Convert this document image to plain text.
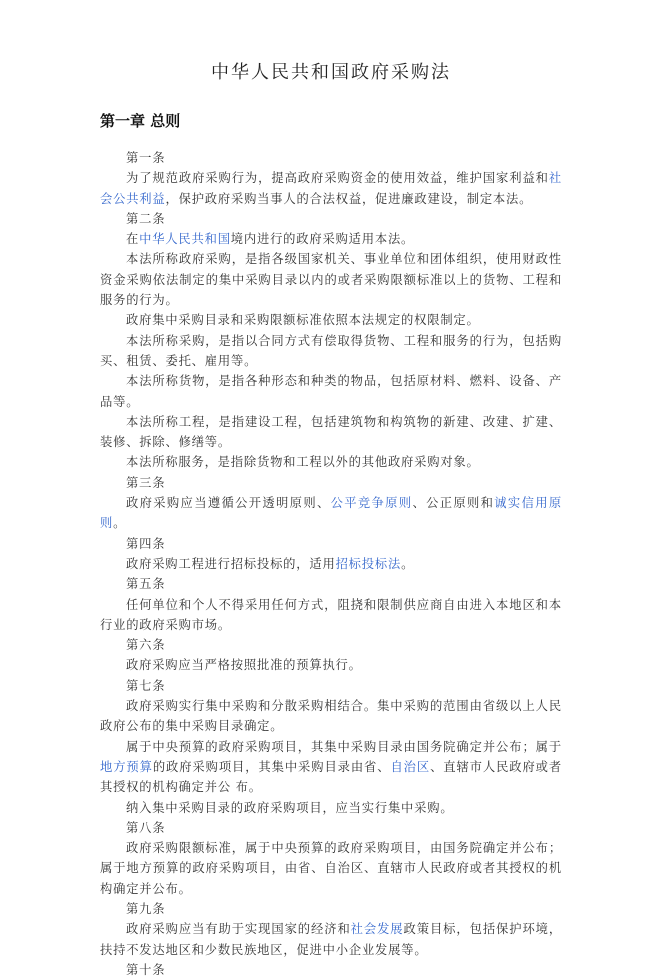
中华人民共和国政府采购法
第一章 总则

第一条

为了规范政府采购行为，提高政府采购资金的使用效益，维护国家利益和社会公共利益，保护政府采购当事人的合法权益，促进廉政建设，制定本法。

第二条

在中华人民共和国境内进行的政府采购适用本法。

本法所称政府采购，是指各级国家机关、事业单位和团体组织，使用财政性资金采购依法制定的集中采购目录以内的或者采购限额标准以上的货物、工程和服务的行为。

政府集中采购目录和采购限额标准依照本法规定的权限制定。

本法所称采购，是指以合同方式有偿取得货物、工程和服务的行为，包括购买、租赁、委托、雇用等。

本法所称货物，是指各种形态和种类的物品，包括原材料、燃料、设备、产品等。

本法所称工程，是指建设工程，包括建筑物和构筑物的新建、改建、扩建、装修、拆除、修缮等。

本法所称服务，是指除货物和工程以外的其他政府采购对象。

第三条

政府采购应当遵循公开透明原则、公平竞争原则、公正原则和诚实信用原则。

第四条

政府采购工程进行招标投标的，适用招标投标法。

第五条

任何单位和个人不得采用任何方式，阻挠和限制供应商自由进入本地区和本行业的政府采购市场。

第六条

政府采购应当严格按照批准的预算执行。

第七条

政府采购实行集中采购和分散采购相结合。集中采购的范围由省级以上人民政府公布的集中采购目录确定。

属于中央预算的政府采购项目，其集中采购目录由国务院确定并公布；属于地方预算的政府采购项目，其集中采购目录由省、自治区、直辖市人民政府或者其授权的机构确定并公 布。

纳入集中采购目录的政府采购项目，应当实行集中采购。

第八条

政府采购限额标准，属于中央预算的政府采购项目，由国务院确定并公布；属于地方预算的政府采购项目，由省、自治区、直辖市人民政府或者其授权的机构确定并公布。

第九条

政府采购应当有助于实现国家的经济和社会发展政策目标，包括保护环境，扶持不发达地区和少数民族地区，促进中小企业发展等。

第十条
